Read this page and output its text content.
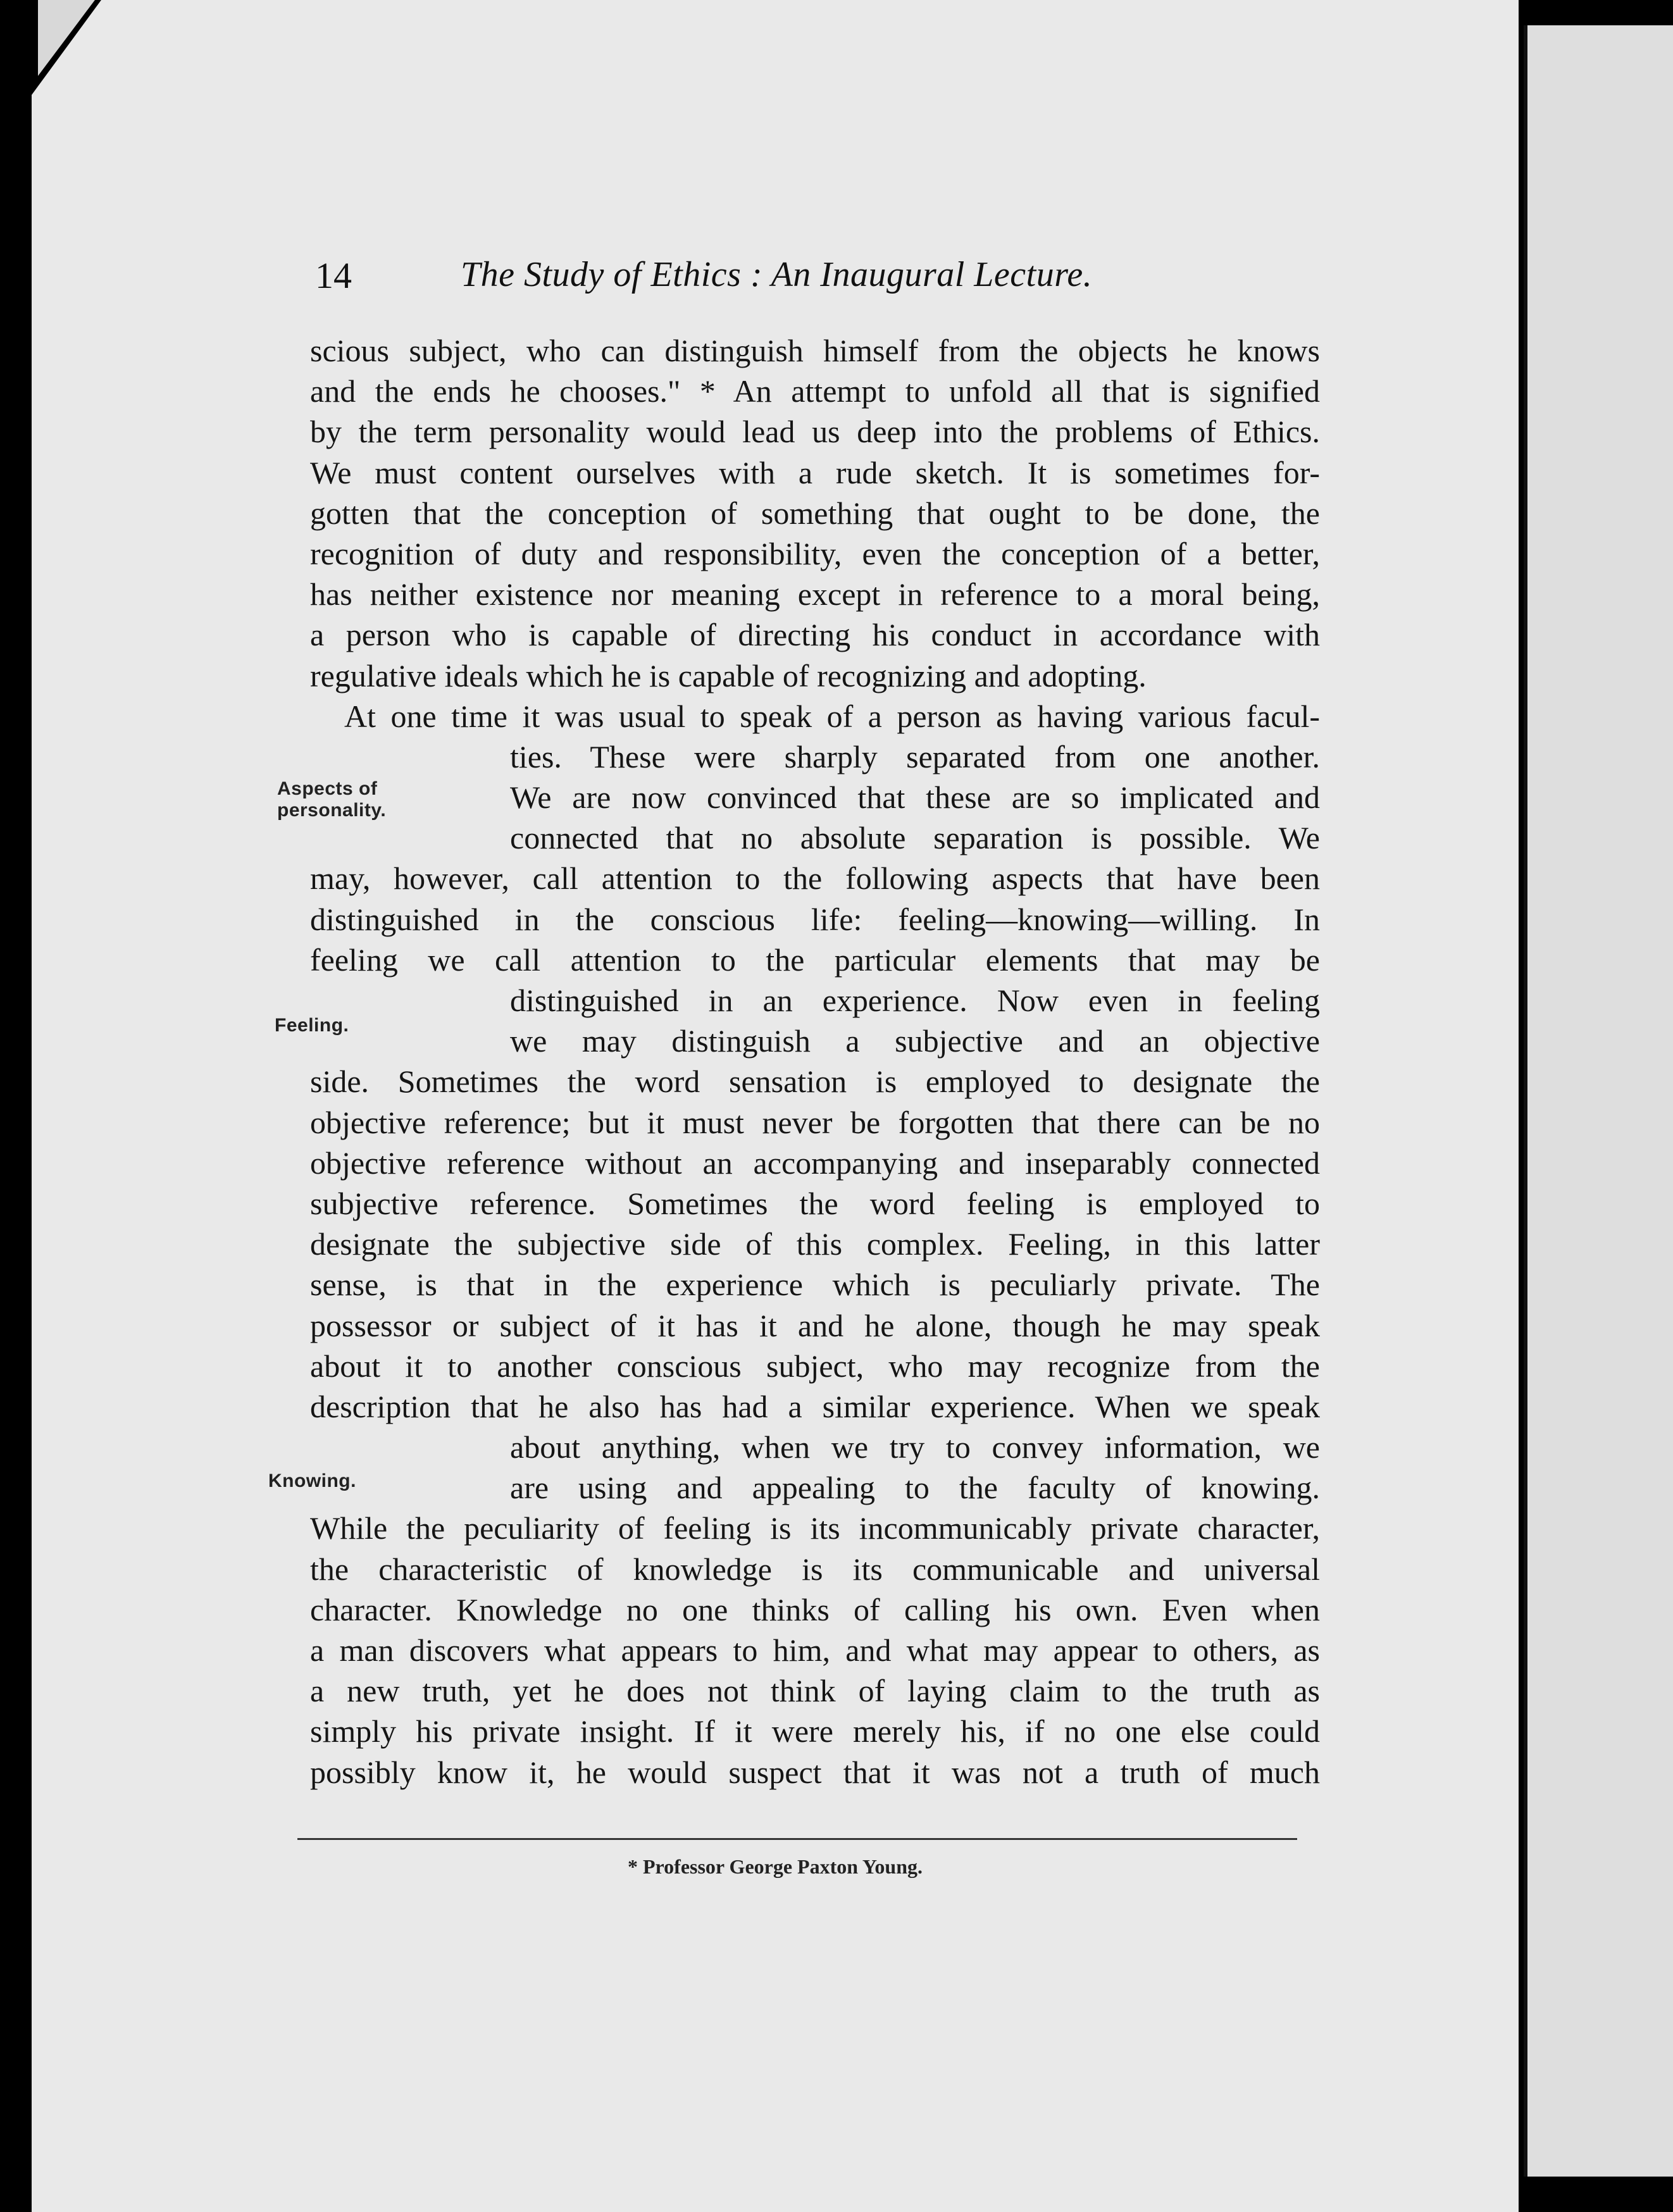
14	The Study of Ethics : An Inaugural Lecture.
scious subject, who can distinguish himself from the objects he knows
and the ends he chooses." * An attempt to unfold all that is signified
by the term personality would lead us deep into the problems of Ethics.
We must content ourselves with a rude sketch. It is sometimes for-
gotten that the conception of something that ought to be done, the
recognition of duty and responsibility, even the conception of a better,
has neither existence nor meaning except in reference to a moral being,
a person who is capable of directing his conduct in accordance with
regulative ideals which he is capable of recognizing and adopting.
At one time it was usual to speak of a person as having various facul-
ties. These were sharply separated from one another.
We are now convinced that these are so implicated and
connected that no absolute separation is possible. We
may, however, call attention to the following aspects that have been
distinguished in the conscious life: feeling—knowing—willing. In
feeling we call attention to the particular elements that may be
distinguished in an experience. Now even in feeling
we may distinguish a subjective and an objective
side. Sometimes the word sensation is employed to designate the
objective reference; but it must never be forgotten that there can be no
objective reference without an accompanying and inseparably connected
subjective reference. Sometimes the word feeling is employed to
designate the subjective side of this complex. Feeling, in this latter
sense, is that in the experience which is peculiarly private. The
possessor or subject of it has it and he alone, though he may speak
about it to another conscious subject, who may recognize from the
description that he also has had a similar experience. When we speak
about anything, when we try to convey information, we
are using and appealing to the faculty of knowing.
While the peculiarity of feeling is its incommunicably private character,
the characteristic of knowledge is its communicable and universal
character. Knowledge no one thinks of calling his own. Even when
a man discovers what appears to him, and what may appear to others, as
a new truth, yet he does not think of laying claim to the truth as
simply his private insight. If it were merely his, if no one else could
possibly know it, he would suspect that it was not a truth of much
Aspects of
personality.
Feeling.
Knowing.
* Professor George Paxton Young.
